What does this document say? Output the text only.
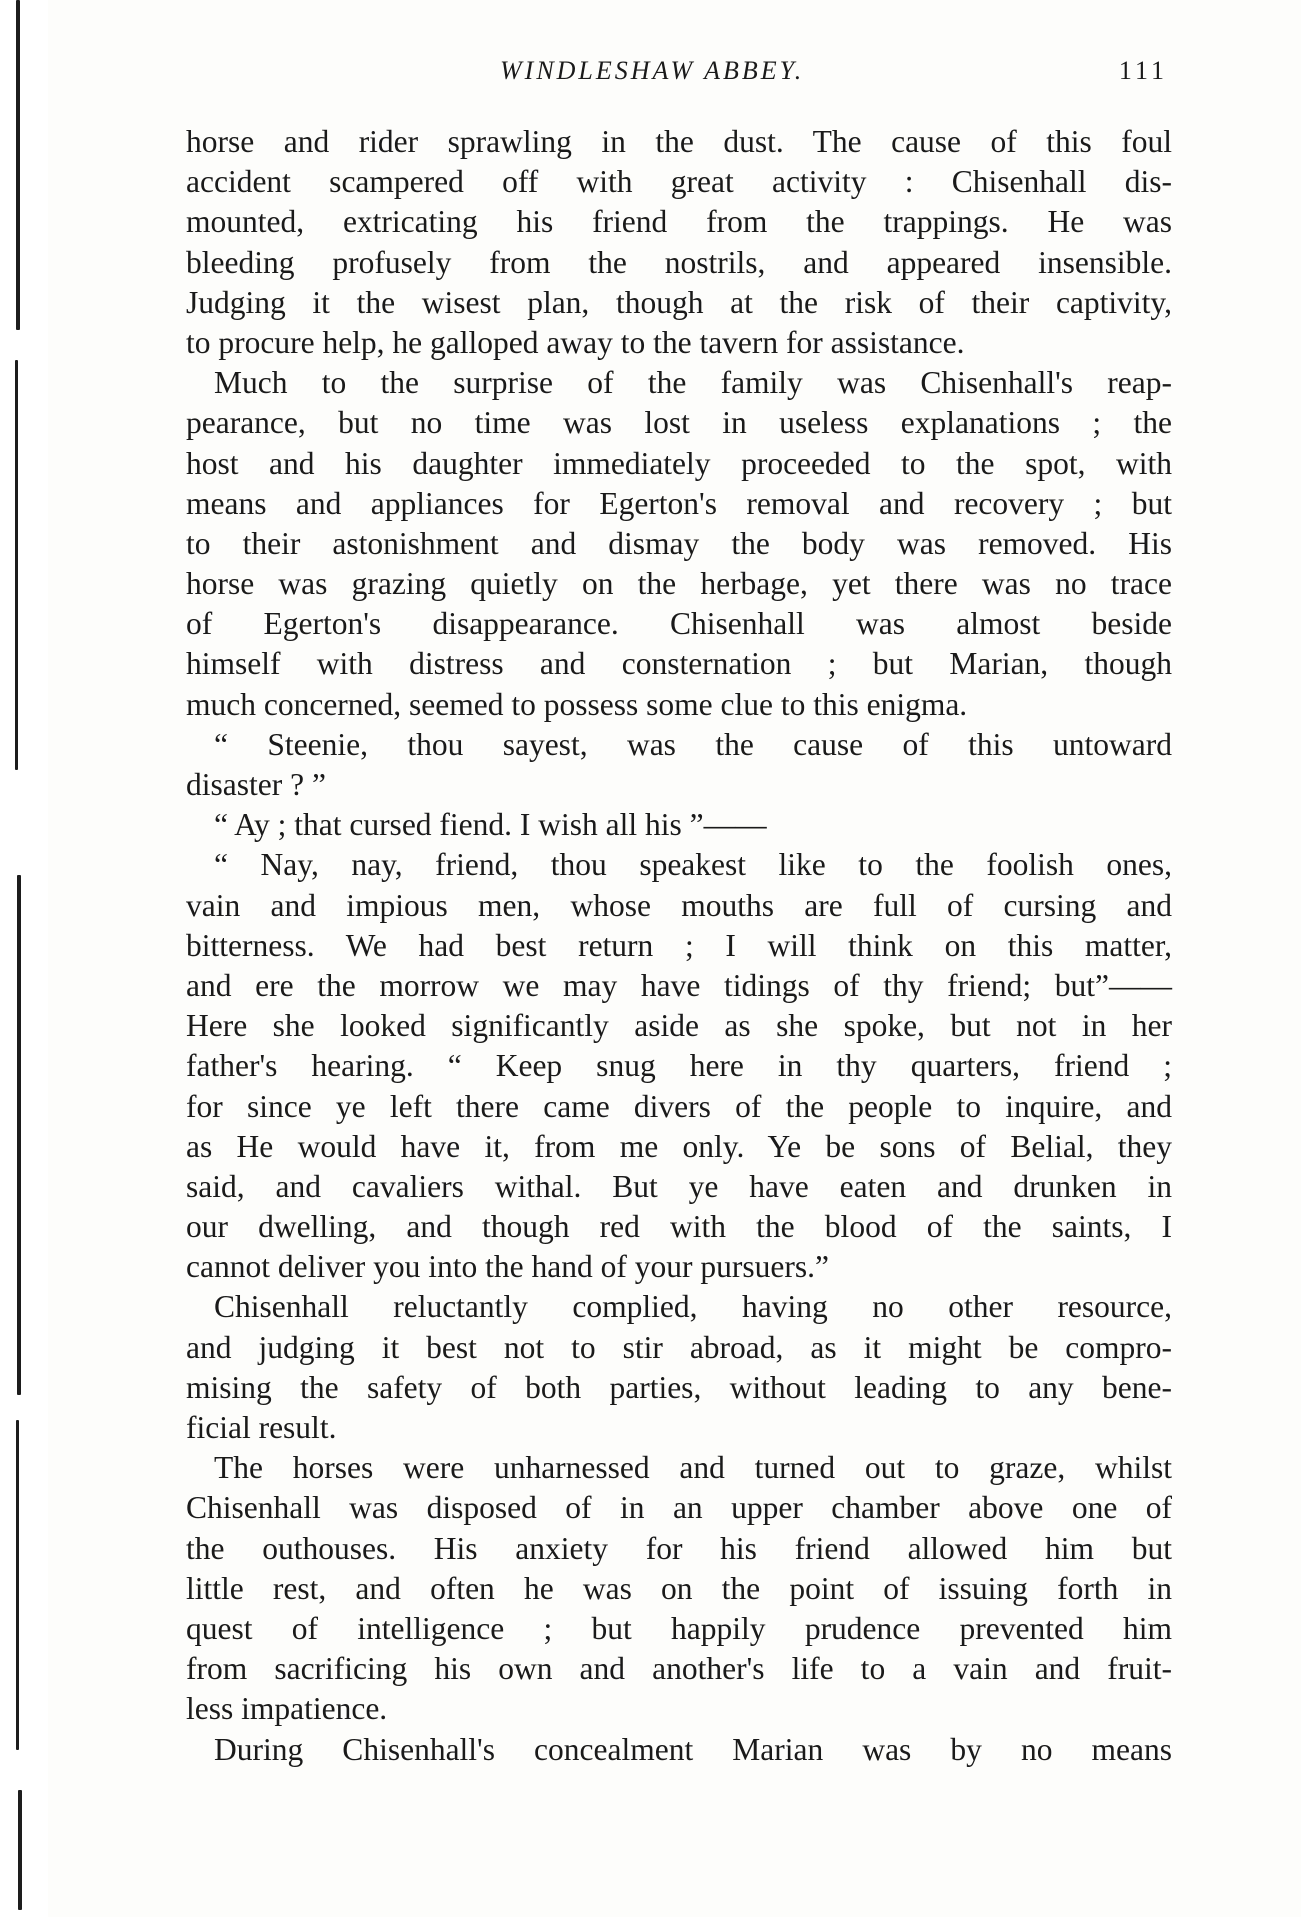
WINDLESHAW ABBEY.	111
horse and rider sprawling in the dust. The cause of this foul
accident scampered off with great activity : Chisenhall dis-
mounted, extricating his friend from the trappings. He was
bleeding profusely from the nostrils, and appeared insensible.
Judging it the wisest plan, though at the risk of their captivity,
to procure help, he galloped away to the tavern for assistance.
Much to the surprise of the family was Chisenhall's reap-
pearance, but no time was lost in useless explanations ; the
host and his daughter immediately proceeded to the spot, with
means and appliances for Egerton's removal and recovery ; but
to their astonishment and dismay the body was removed. His
horse was grazing quietly on the herbage, yet there was no trace
of Egerton's disappearance. Chisenhall was almost beside
himself with distress and consternation ; but Marian, though
much concerned, seemed to possess some clue to this enigma.
“ Steenie, thou sayest, was the cause of this untoward
disaster ? ”
“ Ay ; that cursed fiend. I wish all his ”——
“ Nay, nay, friend, thou speakest like to the foolish ones,
vain and impious men, whose mouths are full of cursing and
bitterness. We had best return ; I will think on this matter,
and ere the morrow we may have tidings of thy friend; but”——
Here she looked significantly aside as she spoke, but not in her
father's hearing. “ Keep snug here in thy quarters, friend ;
for since ye left there came divers of the people to inquire, and
as He would have it, from me only. Ye be sons of Belial, they
said, and cavaliers withal. But ye have eaten and drunken in
our dwelling, and though red with the blood of the saints, I
cannot deliver you into the hand of your pursuers.”
Chisenhall reluctantly complied, having no other resource,
and judging it best not to stir abroad, as it might be compro-
mising the safety of both parties, without leading to any bene-
ficial result.
The horses were unharnessed and turned out to graze, whilst
Chisenhall was disposed of in an upper chamber above one of
the outhouses. His anxiety for his friend allowed him but
little rest, and often he was on the point of issuing forth in
quest of intelligence ; but happily prudence prevented him
from sacrificing his own and another's life to a vain and fruit-
less impatience.
During Chisenhall's concealment Marian was by no means
